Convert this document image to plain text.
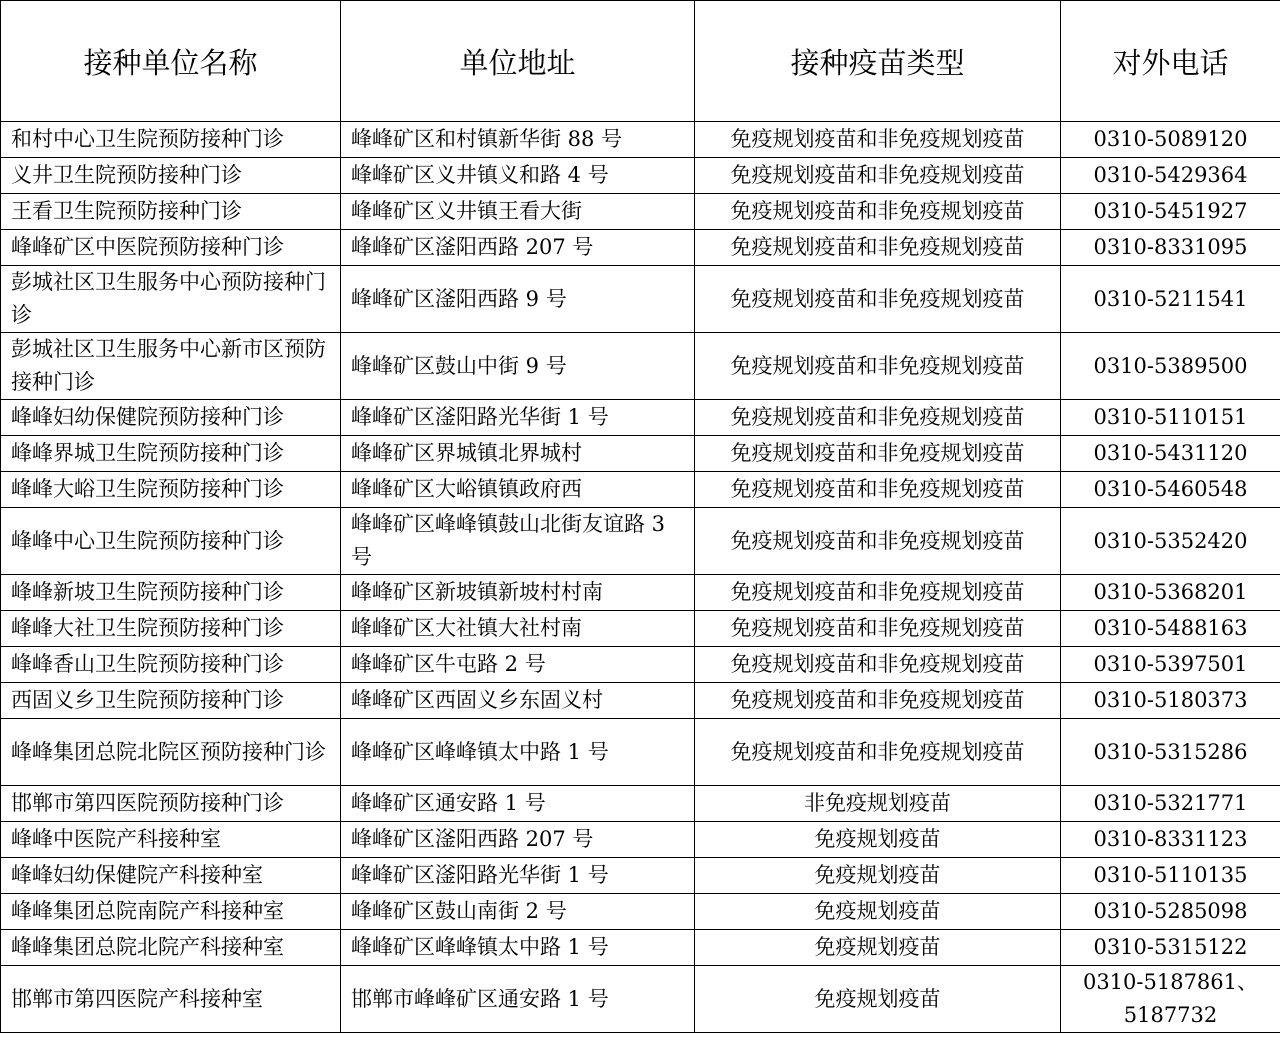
接种单位名称	单位地址	接种疫苗类型	对外电话
和村中心卫生院预防接种门诊	峰峰矿区和村镇新华街 88 号	免疫规划疫苗和非免疫规划疫苗	0310-5089120
义井卫生院预防接种门诊	峰峰矿区义井镇义和路 4 号	免疫规划疫苗和非免疫规划疫苗	0310-5429364
王看卫生院预防接种门诊	峰峰矿区义井镇王看大街	免疫规划疫苗和非免疫规划疫苗	0310-5451927
峰峰矿区中医院预防接种门诊	峰峰矿区滏阳西路 207 号	免疫规划疫苗和非免疫规划疫苗	0310-8331095
彭城社区卫生服务中心预防接种门诊	峰峰矿区滏阳西路 9 号	免疫规划疫苗和非免疫规划疫苗	0310-5211541
彭城社区卫生服务中心新市区预防接种门诊	峰峰矿区鼓山中街 9 号	免疫规划疫苗和非免疫规划疫苗	0310-5389500
峰峰妇幼保健院预防接种门诊	峰峰矿区滏阳路光华街 1 号	免疫规划疫苗和非免疫规划疫苗	0310-5110151
峰峰界城卫生院预防接种门诊	峰峰矿区界城镇北界城村	免疫规划疫苗和非免疫规划疫苗	0310-5431120
峰峰大峪卫生院预防接种门诊	峰峰矿区大峪镇镇政府西	免疫规划疫苗和非免疫规划疫苗	0310-5460548
峰峰中心卫生院预防接种门诊	峰峰矿区峰峰镇鼓山北街友谊路 3 号	免疫规划疫苗和非免疫规划疫苗	0310-5352420
峰峰新坡卫生院预防接种门诊	峰峰矿区新坡镇新坡村村南	免疫规划疫苗和非免疫规划疫苗	0310-5368201
峰峰大社卫生院预防接种门诊	峰峰矿区大社镇大社村南	免疫规划疫苗和非免疫规划疫苗	0310-5488163
峰峰香山卫生院预防接种门诊	峰峰矿区牛屯路 2 号	免疫规划疫苗和非免疫规划疫苗	0310-5397501
西固义乡卫生院预防接种门诊	峰峰矿区西固义乡东固义村	免疫规划疫苗和非免疫规划疫苗	0310-5180373
峰峰集团总院北院区预防接种门诊	峰峰矿区峰峰镇太中路 1 号	免疫规划疫苗和非免疫规划疫苗	0310-5315286
邯郸市第四医院预防接种门诊	峰峰矿区通安路 1 号	非免疫规划疫苗	0310-5321771
峰峰中医院产科接种室	峰峰矿区滏阳西路 207 号	免疫规划疫苗	0310-8331123
峰峰妇幼保健院产科接种室	峰峰矿区滏阳路光华街 1 号	免疫规划疫苗	0310-5110135
峰峰集团总院南院产科接种室	峰峰矿区鼓山南街 2 号	免疫规划疫苗	0310-5285098
峰峰集团总院北院产科接种室	峰峰矿区峰峰镇太中路 1 号	免疫规划疫苗	0310-5315122
邯郸市第四医院产科接种室	邯郸市峰峰矿区通安路 1 号	免疫规划疫苗	0310-5187861、5187732
